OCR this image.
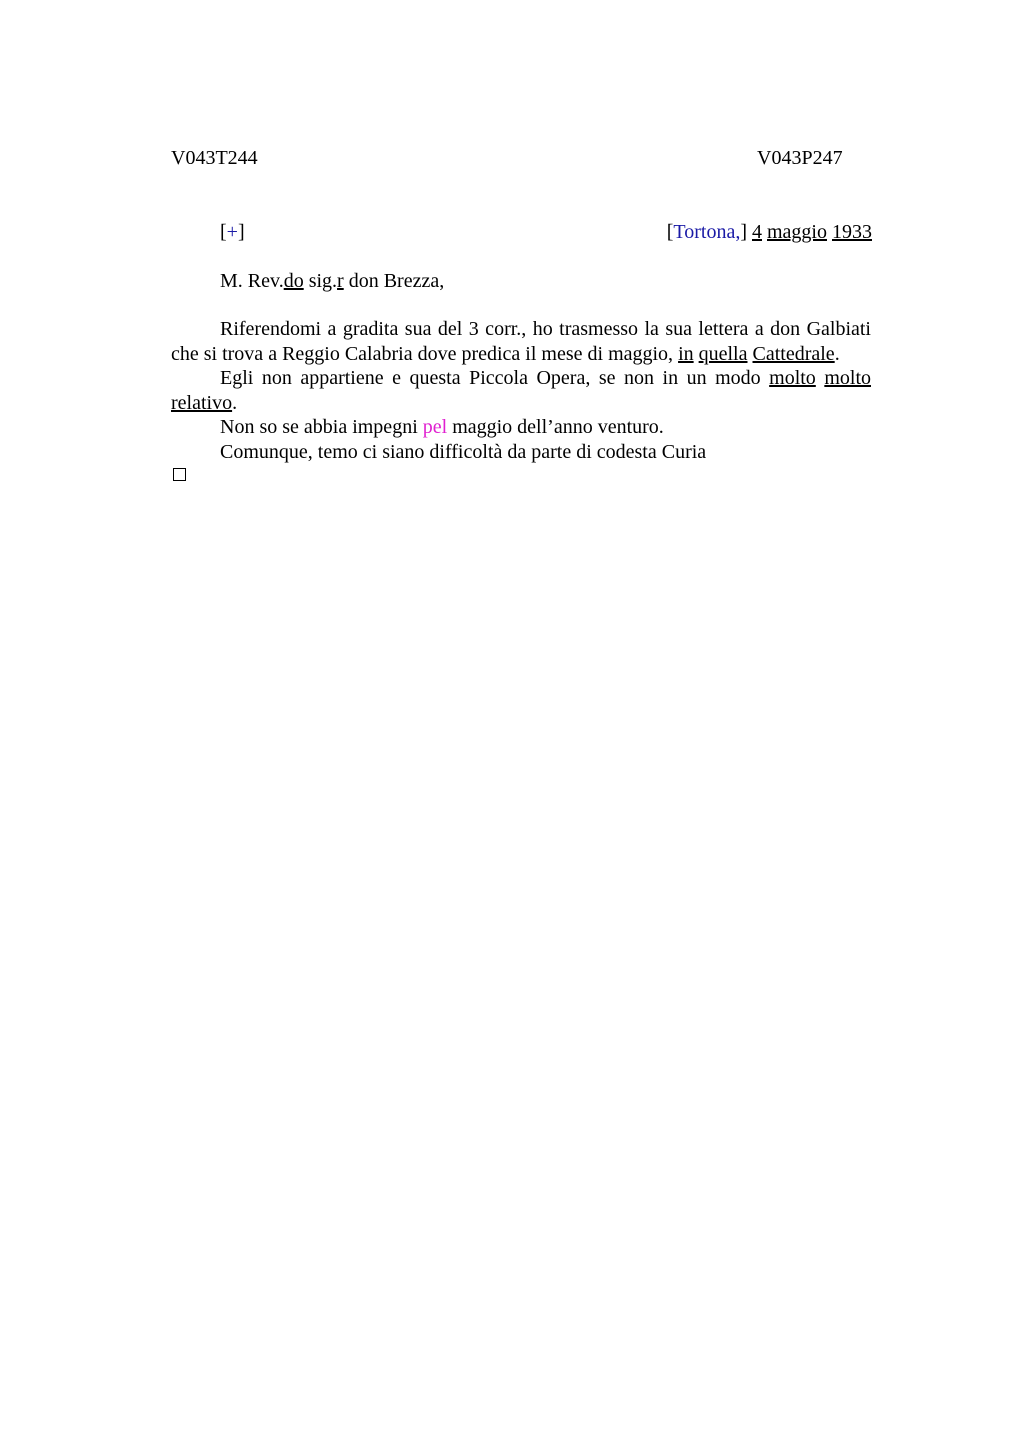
V043T244	V043P247
[+]	[Tortona,] 4 maggio 1933
M. Rev.do sig.r don Brezza,

Riferendomi a gradita sua del 3 corr., ho trasmesso la sua lettera a don Galbiati che si trova a Reggio Calabria dove predica il mese di maggio, in quella Cattedrale.

Egli non appartiene e questa Piccola Opera, se non in un modo molto molto relativo.

Non so se abbia impegni pel maggio dell’anno venturo.

Comunque, temo ci siano difficoltà da parte di codesta Curia
